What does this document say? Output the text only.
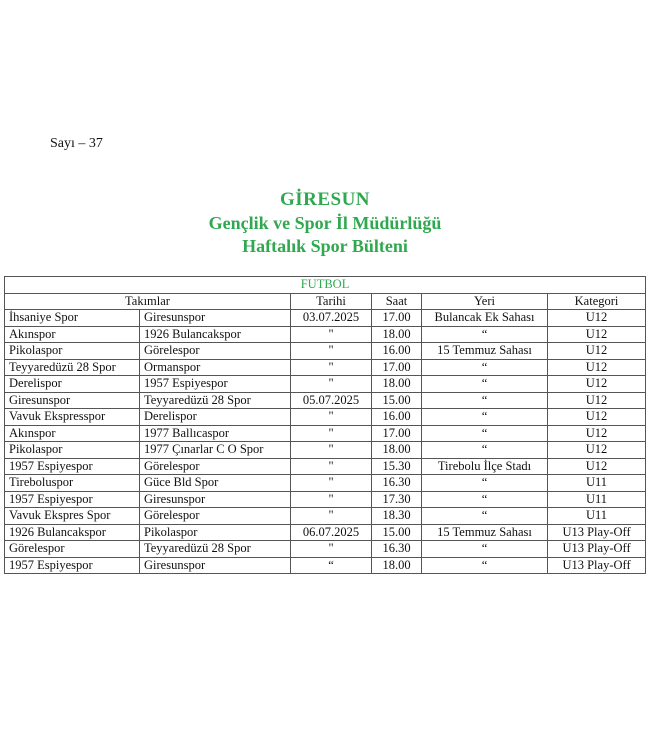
Sayı – 37
GİRESUN
Gençlik ve Spor İl Müdürlüğü
Haftalık Spor Bülteni
FUTBOL					
Takımlar		Tarihi	Saat	Yeri	Kategori
İhsaniye Spor	Giresunspor	03.07.2025	17.00	Bulancak Ek Sahası	U12
Akınspor	1926 Bulancakspor	"	18.00	“	U12
Pikolaspor	Görelespor	"	16.00	15 Temmuz Sahası	U12
Teyyaredüzü 28 Spor	Ormanspor	"	17.00	“	U12
Derelispor	1957 Espiyespor	"	18.00	“	U12
Giresunspor	Teyyaredüzü 28 Spor	05.07.2025	15.00	“	U12
Vavuk Ekspresspor	Derelispor	"	16.00	“	U12
Akınspor	1977 Ballıcaspor	"	17.00	“	U12
Pikolaspor	1977 Çınarlar C O Spor	"	18.00	“	U12
1957 Espiyespor	Görelespor	"	15.30	Tirebolu İlçe Stadı	U12
Tireboluspor	Güce Bld Spor	"	16.30	“	U11
1957 Espiyespor	Giresunspor	"	17.30	“	U11
Vavuk Ekspres Spor	Görelespor	"	18.30	“	U11
1926 Bulancakspor	Pikolaspor	06.07.2025	15.00	15 Temmuz Sahası	U13 Play-Off
Görelespor	Teyyaredüzü 28 Spor	"	16.30	“	U13 Play-Off
1957 Espiyespor	Giresunspor	“	18.00	“	U13 Play-Off
